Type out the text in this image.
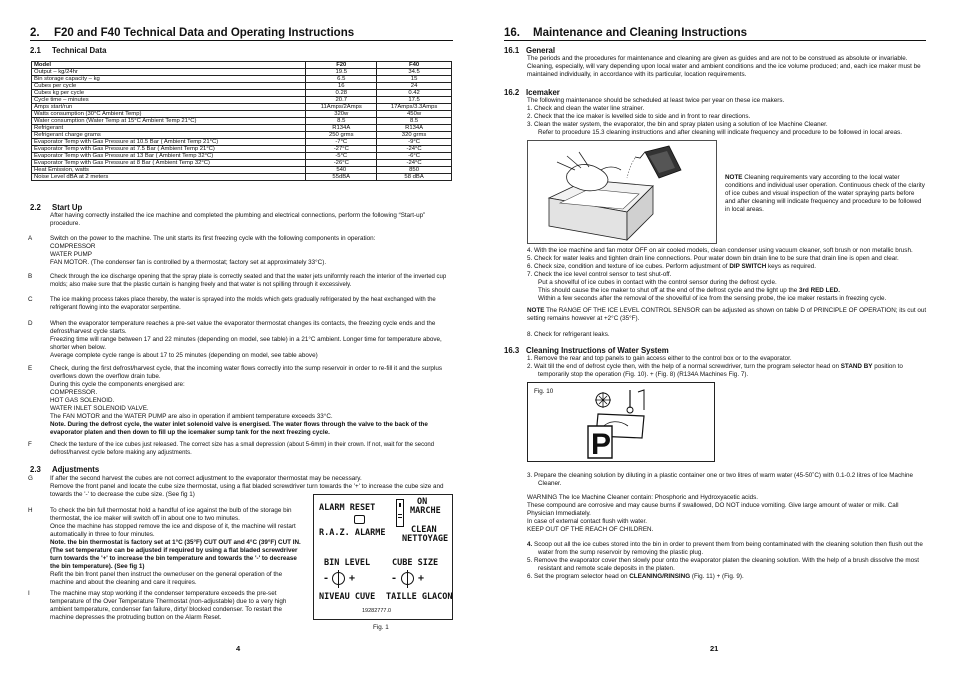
2. F20 and F40 Technical Data and Operating Instructions
2.1 Technical Data
Model	F20	F40
Output – kg/24hr	19.5	34.5
Bin storage capacity – kg	6.5	15
Cubes per cycle	16	24
Cubes kg per cycle	0.28	0.42
Cycle time – minutes	20.7	17.5
Amps start/run	11Amps/2Amps	17Amps/3.3Amps
Watts consumption (30°C Ambient Temp)	320w	450w
Water consumption (Water Temp at 15°C Ambient Temp 21°C)	8.5	8.5
Refrigerant	R134A	R134A
Refrigerant charge grams	250 grms	320 grms
Evaporator Temp with Gas Pressure at 10.5 Bar ( Ambient Temp 21°C)	-7°C	-9°C
Evaporator Temp with Gas Pressure at 7.5 Bar ( Ambient Temp 21°C)	-27°C	-24°C
Evaporator Temp with Gas Pressure at 13 Bar ( Ambient Temp 32°C)	-5°C	-6°C
Evaporator Temp with Gas Pressure at 8 Bar ( Ambient Temp 32°C)	-26°C	-24°C
Heat Emission, watts	540	850
Noise Level dBA at 2 meters	55dBA	58 dBA
2.2 Start Up
After having correctly installed the ice machine and completed the plumbing and electrical connections, perform the following “Start-up” procedure.
A	Switch on the power to the machine. The unit starts its first freezing cycle with the following components in operation:
COMPRESSOR
WATER PUMP
FAN MOTOR. (The condenser fan is controlled by a thermostat; factory set at approximately 33°C).
B	Check through the ice discharge opening that the spray plate is correctly seated and that the water jets uniformly reach the interior of the inverted cup molds; also make sure that the plastic curtain is hanging freely and that water is not spilling through it excessively.
C	The ice making process takes place thereby, the water is sprayed into the molds which gets gradually refrigerated by the heat exchanged with the refrigerant flowing into the evaporator serpentine.
D	When the evaporator temperature reaches a pre-set value the evaporator thermostat changes its contacts, the freezing cycle ends and the defrost/harvest cycle starts.
Freezing time will range between 17 and 22 minutes (depending on model, see table) in a 21°C ambient. Longer time for temperature above, shorter when below.
Average complete cycle range is about 17 to 25 minutes (depending on model, see table above)
E	Check, during the first defrost/harvest cycle, that the incoming water flows correctly into the sump reservoir in order to re-fill it and the surplus overflows down the overflow drain tube.
During this cycle the components energised are:
COMPRESSOR.
HOT GAS SOLENOID.
WATER INLET SOLENOID VALVE.
The FAN MOTOR and the WATER PUMP are also in operation if ambient temperature exceeds 33°C.
Note. During the defrost cycle, the water inlet solenoid valve is energised. The water flows through the valve to the back of the evaporator platen and then down to fill up the icemaker sump tank for the next freezing cycle.
F	Check the texture of the ice cubes just released. The correct size has a small depression (about 5-6mm) in their crown. If not, wait for the second defrost/harvest cycle before making any adjustments.
2.3 Adjustments
G	If after the second harvest the cubes are not correct adjustment to the evaporator thermostat may be necessary.
Remove the front panel and locate the cube size thermostat, using a flat bladed screwdriver turn towards the '+' to increase the cube size and towards the '-' to decrease the cube size. (See fig 1)
H	To check the bin full thermostat hold a handful of ice against the bulb of the storage bin thermostat, the ice maker will switch off in about one to two minutes.
Once the machine has stopped remove the ice and dispose of it, the machine will restart automatically in three to four minutes.
Note. the bin thermostat is factory set at 1°C (35°F) CUT OUT and 4°C (39°F) CUT IN. (The set temperature can be adjusted if required by using a flat bladed screwdriver turn towards the '+' to increase the bin temperature and towards the '-' to decrease the bin temperature). (See fig 1)
Refit the bin front panel then instruct the owner/user on the general operation of the machine and about the cleaning and care it requires.
I	The machine may stop working if the condenser temperature exceeds the pre-set temperature of the Over Temperature Thermostat (non-adjustable) due to a very high ambient temperature, condenser fan failure, dirty/ blocked condenser. To restart the machine depresses the protruding button on the Alarm Reset.
ALARM RESET
ON
MARCHE
R.A.Z. ALARME	CLEAN
NETTOYAGE
BIN LEVEL	CUBE SIZE
- +	- +
NIVEAU CUVE TAILLE GLACON
19282777.0
Fig. 1
4
16. Maintenance and Cleaning Instructions
16.1 General
The periods and the procedures for maintenance and cleaning are given as guides and are not to be construed as absolute or invariable. Cleaning, especially, will vary depending upon local water and ambient conditions and the ice volume produced; and, each ice maker must be maintained individually, in accordance with its particular, location requirements.
16.2 Icemaker
The following maintenance should be scheduled at least twice per year on these ice makers.
1. Check and clean the water line strainer.
2. Check that the ice maker is levelled side to side and in front to rear directions.
3. Clean the water system, the evaporator, the bin and spray platen using a solution of Ice Machine Cleaner.
Refer to procedure 15.3 cleaning instructions and after cleaning will indicate frequency and procedure to be followed in local areas.
NOTE Cleaning requirements vary according to the local water conditions and individual user operation. Continuous check of the clarity of ice cubes and visual inspection of the water spraying parts before and after cleaning will indicate frequency and procedure to be followed in local areas.
4. With the ice machine and fan motor OFF on air cooled models, clean condenser using vacuum cleaner, soft brush or non metallic brush.
5. Check for water leaks and tighten drain line connections. Pour water down bin drain line to be sure that drain line is open and clear.
6. Check size, condition and texture of ice cubes. Perform adjustment of DIP SWITCH keys as required.
7. Check the ice level control sensor to test shut-off.
Put a shovelful of ice cubes in contact with the control sensor during the defrost cycle.
This should cause the ice maker to shut off at the end of the defrost cycle and the light up the 3rd RED LED.
Within a few seconds after the removal of the shovelful of ice from the sensing probe, the ice maker restarts in freezing cycle.
NOTE The RANGE OF THE ICE LEVEL CONTROL SENSOR can be adjusted as shown on table D of PRINCIPLE OF OPERATION; its cut out setting remains however at +2°C (35°F).
8. Check for refrigerant leaks.
16.3 Cleaning Instructions of Water System
1. Remove the rear and top panels to gain access either to the control box or to the evaporator.
2. Wait till the end of defrost cycle then, with the help of a normal screwdriver, turn the program selector head on STAND BY position to
temporarily stop the operation (Fig. 10). + (Fig. 8) (R134A Machines Fig. 7).
Fig. 10
P
3. Prepare the cleaning solution by diluting in a plastic container one or two litres of warm water (45-50˚C) with 0.1-0.2 litres of Ice Machine
Cleaner.
WARNING The Ice Machine Cleaner contain: Phosphoric and Hydroxyacetic acids.
These compound are corrosive and may cause burns if swallowed, DO NOT induce vomiting. Give large amount of water or milk. Call Physician Immediately.
In case of external contact flush with water.
KEEP OUT OF THE REACH OF CHILDREN.
4. Scoop out all the ice cubes stored into the bin in order to prevent them from being contaminated with the cleaning solution then flush out the
water from the sump reservoir by removing the plastic plug.
5. Remove the evaporator cover then slowly pour onto the evaporator platen the cleaning solution. With the help of a brush dissolve the most
resistant and remote scale deposits in the platen.
6. Set the program selector head on CLEANING/RINSING (Fig. 11) + (Fig. 9).
21
